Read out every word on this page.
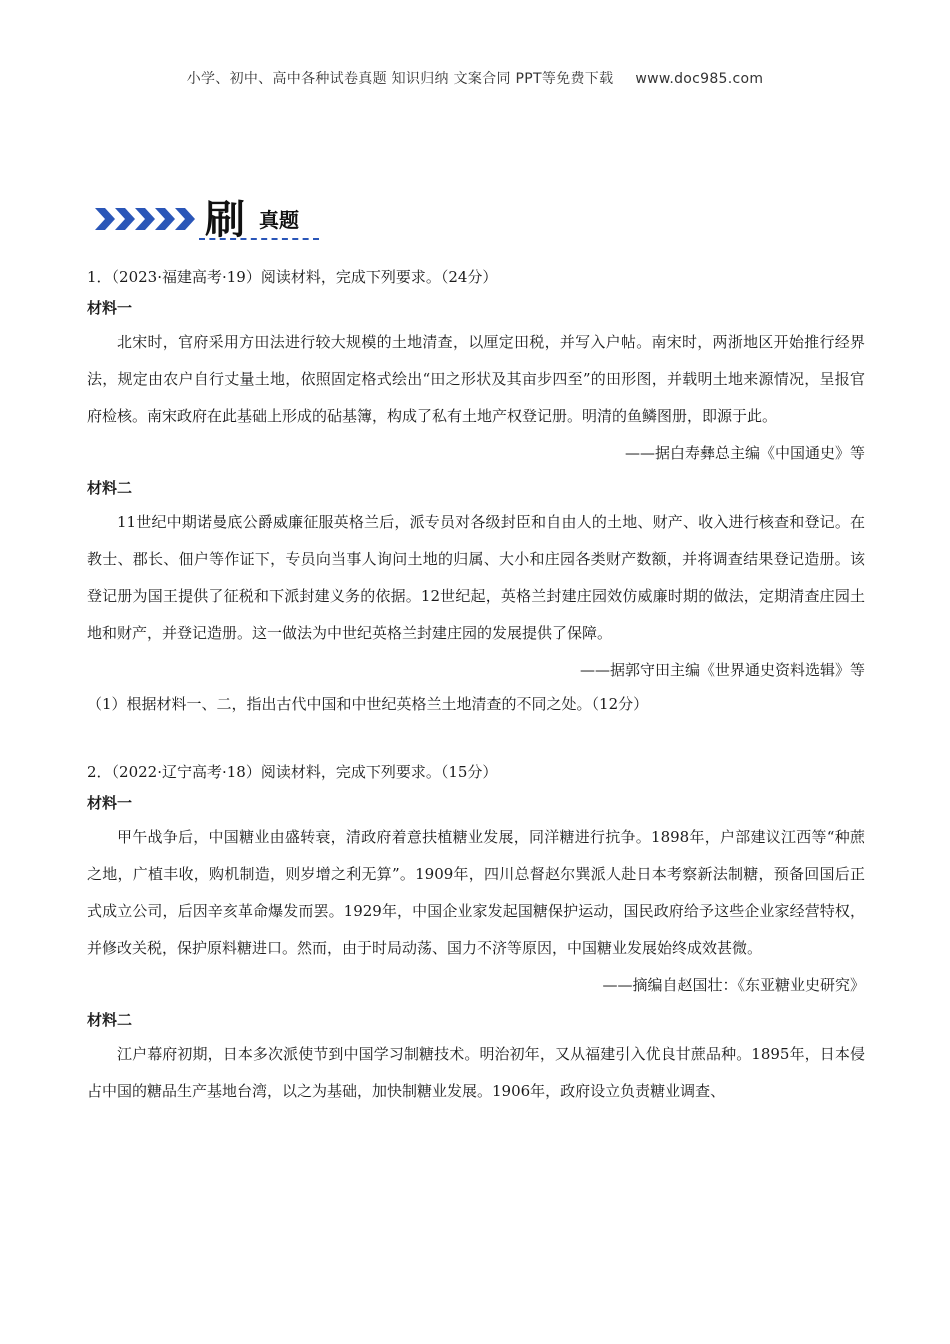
小学、初中、高中各种试卷真题 知识归纳 文案合同 PPT等免费下载 www.doc985.com
刷 真题

1．（2023·福建高考·19）阅读材料，完成下列要求。（24分）

材料一

北宋时，官府采用方田法进行较大规模的土地清查，以厘定田税，并写入户帖。南宋时，两浙地区开始推行经界法，规定由农户自行丈量土地，依照固定格式绘出“田之形状及其亩步四至”的田形图，并载明土地来源情况，呈报官府检核。南宋政府在此基础上形成的砧基簿，构成了私有土地产权登记册。明清的鱼鳞图册，即源于此。

——据白寿彝总主编《中国通史》等

材料二

11世纪中期诺曼底公爵威廉征服英格兰后，派专员对各级封臣和自由人的土地、财产、收入进行核查和登记。在教士、郡长、佃户等作证下，专员向当事人询问土地的归属、大小和庄园各类财产数额，并将调查结果登记造册。该登记册为国王提供了征税和下派封建义务的依据。12世纪起，英格兰封建庄园效仿威廉时期的做法，定期清查庄园土地和财产，并登记造册。这一做法为中世纪英格兰封建庄园的发展提供了保障。

——据郭守田主编《世界通史资料选辑》等

（1）根据材料一、二，指出古代中国和中世纪英格兰土地清查的不同之处。（12分）

2．（2022·辽宁高考·18）阅读材料，完成下列要求。（15分）

材料一

甲午战争后，中国糖业由盛转衰，清政府着意扶植糖业发展，同洋糖进行抗争。1898年，户部建议江西等“种蔗之地，广植丰收，购机制造，则岁增之利无算”。1909年，四川总督赵尔巽派人赴日本考察新法制糖，预备回国后正式成立公司，后因辛亥革命爆发而罢。1929年，中国企业家发起国糖保护运动，国民政府给予这些企业家经营特权，并修改关税，保护原料糖进口。然而，由于时局动荡、国力不济等原因，中国糖业发展始终成效甚微。

——摘编自赵国壮：《东亚糖业史研究》

材料二

江户幕府初期，日本多次派使节到中国学习制糖技术。明治初年，又从福建引入优良甘蔗品种。1895年，日本侵占中国的糖品生产基地台湾，以之为基础，加快制糖业发展。1906年，政府设立负责糖业调查、
